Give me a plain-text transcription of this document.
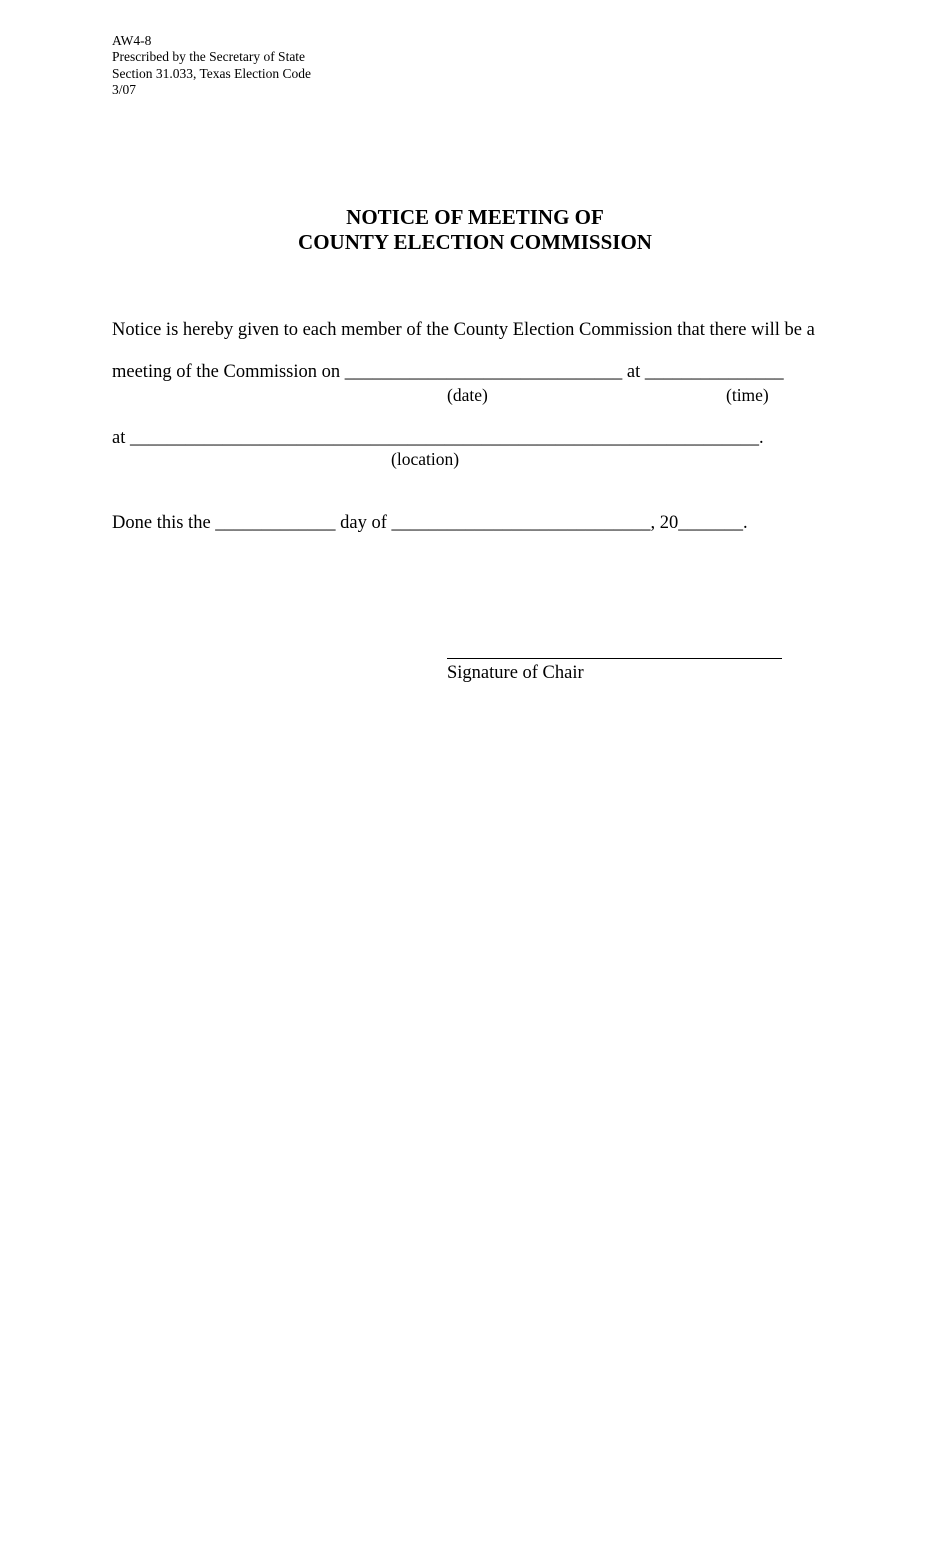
AW4-8
Prescribed by the Secretary of State
Section 31.033, Texas Election Code
3/07
NOTICE OF MEETING OF
COUNTY ELECTION COMMISSION
Notice is hereby given to each member of the County Election Commission that there will be a
meeting of the Commission on ______________________________ at _______________
(date)	(time)
at ____________________________________________________________________.
(location)
Done this the _____________ day of ____________________________, 20_______.
Signature of Chair
